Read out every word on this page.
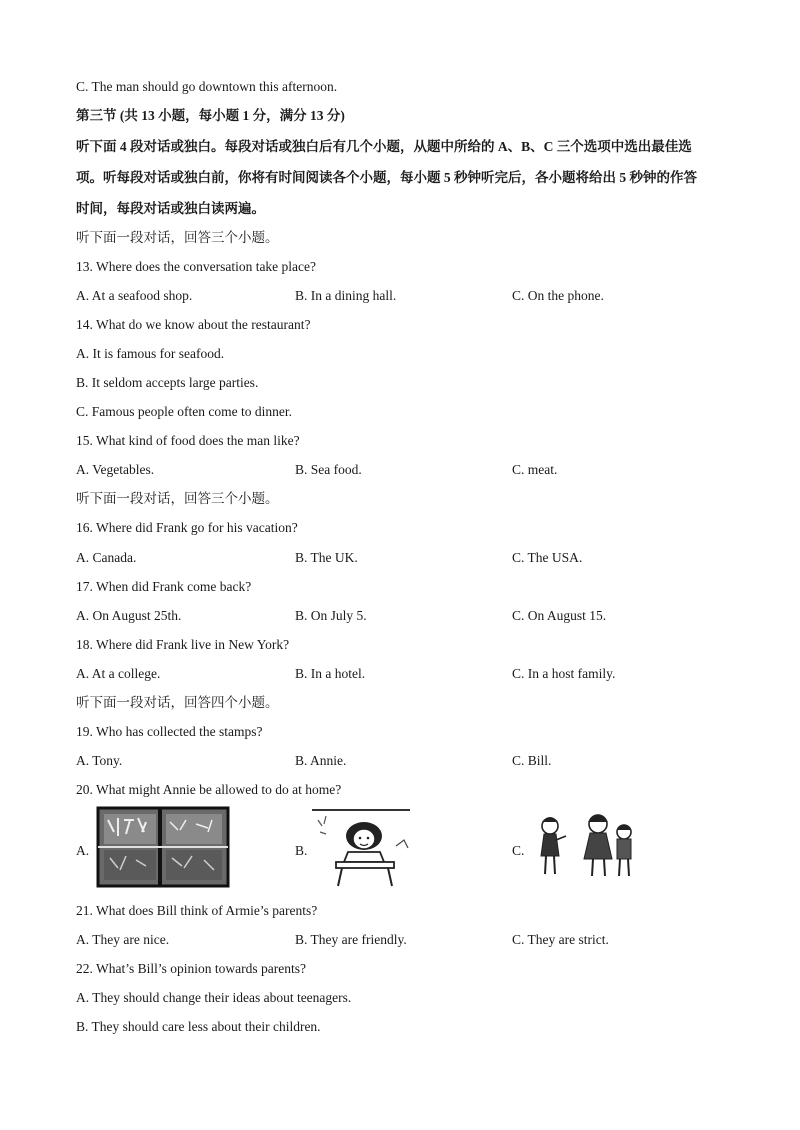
C. The man should go downtown this afternoon.
第三节 (共 13 小题，每小题 1 分，满分 13 分)
听下面 4 段对话或独白。每段对话或独白后有几个小题，从题中所给的 A、B、C 三个选项中选出最佳选
项。听每段对话或独白前，你将有时间阅读各个小题，每小题 5 秒钟听完后，各小题将给出 5 秒钟的作答
时间，每段对话或独白读两遍。
听下面一段对话，回答三个小题。
13. Where does the conversation take place?
A. At a seafood shop.	B. In a dining hall.	C. On the phone.
14. What do we know about the restaurant?
A. It is famous for seafood.
B. It seldom accepts large parties.
C. Famous people often come to dinner.
15. What kind of food does the man like?
A. Vegetables.	B. Sea food.	C. meat.
听下面一段对话，回答三个小题。
16. Where did Frank go for his vacation?
A. Canada.	B. The UK.	C. The USA.
17. When did Frank come back?
A. On August 25th.	B. On July 5.	C. On August 15.
18. Where did Frank live in New York?
A. At a college.	B. In a hotel.	C. In a host family.
听下面一段对话，回答四个小题。
19. Who has collected the stamps?
A. Tony.	B. Annie.	C. Bill.
20. What might Annie be allowed to do at home?
A.	B.	C.
21. What does Bill think of Armie’s parents?
A. They are nice.	B. They are friendly.	C. They are strict.
22. What’s Bill’s opinion towards parents?
A. They should change their ideas about teenagers.
B. They should care less about their children.
